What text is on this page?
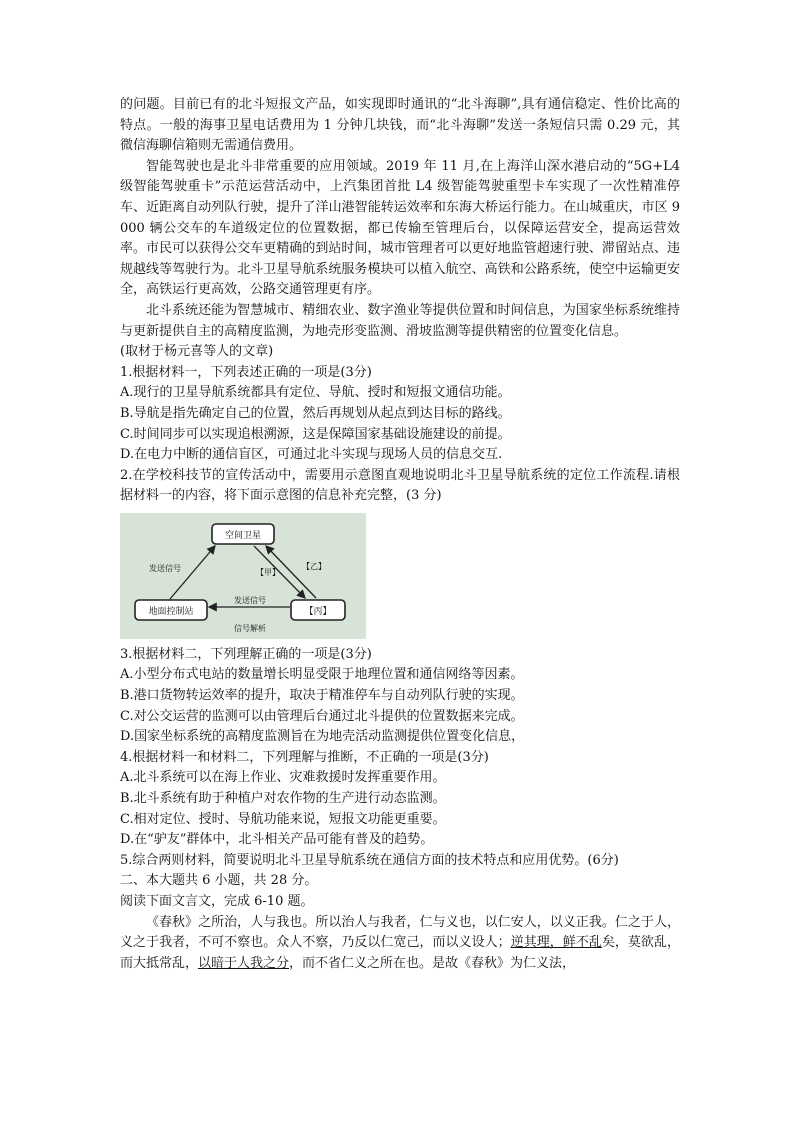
的问题。目前已有的北斗短报文产品，如实现即时通讯的“北斗海聊”,具有通信稳定、性价比高的特点。一般的海事卫星电话费用为 1 分钟几块钱，而“北斗海聊”发送一条短信只需 0.29 元，其微信海聊信箱则无需通信费用。

智能驾驶也是北斗非常重要的应用领域。2019 年 11 月,在上海洋山深水港启动的“5G+L4 级智能驾驶重卡”示范运营活动中，上汽集团首批 L4 级智能驾驶重型卡车实现了一次性精准停车、近距离自动列队行驶，提升了洋山港智能转运效率和东海大桥运行能力。在山城重庆，市区 9000 辆公交车的车道级定位的位置数据，都已传输至管理后台，以保障运营安全，提高运营效率。市民可以获得公交车更精确的到站时间，城市管理者可以更好地监管超速行驶、滞留站点、违规越线等驾驶行为。北斗卫星导航系统服务模块可以植入航空、高铁和公路系统，使空中运输更安全，高铁运行更高效，公路交通管理更有序。

北斗系统还能为智慧城市、精细农业、数字渔业等提供位置和时间信息，为国家坐标系统维持与更新提供自主的高精度监测，为地壳形变监测、滑坡监测等提供精密的位置变化信息。

(取材于杨元喜等人的文章)

1.根据材料一，下列表述正确的一项是(3分)

A.现行的卫星导航系统都具有定位、导航、授时和短报文通信功能。

B.导航是指先确定自己的位置，然后再规划从起点到达目标的路线。

C.时间同步可以实现追根溯源，这是保障国家基础设施建设的前提。

D.在电力中断的通信盲区，可通过北斗实现与现场人员的信息交互.

2.在学校科技节的宣传活动中，需要用示意图直观地说明北斗卫星导航系统的定位工作流程.请根据材料一的内容，将下面示意图的信息补充完整，(3 分)

空间卫星
地面控制站	【丙】
发送信号	【甲】
【乙】
发送信号
信号解析

3.根据材料二，下列理解正确的一项是(3分)

A.小型分布式电站的数量增长明显受限于地理位置和通信网络等因素。

B.港口货物转运效率的提升，取决于精准停车与自动列队行驶的实现。

C.对公交运营的监测可以由管理后台通过北斗提供的位置数据来完成。

D.国家坐标系统的高精度监测旨在为地壳活动监测提供位置变化信息，

4.根据材料一和材料二，下列理解与推断，不正确的一项是(3分)

A.北斗系统可以在海上作业、灾难救援时发挥重要作用。

B.北斗系统有助于种植户对农作物的生产进行动态监测。

C.相对定位、授时、导航功能来说，短报文功能更重要。

D.在“驴友”群体中，北斗相关产品可能有普及的趋势。

5.综合两则材料，简要说明北斗卫星导航系统在通信方面的技术特点和应用优势。(6分)

二、本大题共 6 小题，共 28 分。

阅读下面文言文，完成 6-10 题。

《春秋》之所治，人与我也。所以治人与我者，仁与义也，以仁安人，以义正我。仁之于人，义之于我者，不可不察也。众人不察，乃反以仁宽己，而以义设人；逆其理，鲜不乱矣，莫欲乱，而大抵常乱，以暗于人我之分，而不省仁义之所在也。是故《春秋》为仁义法，
